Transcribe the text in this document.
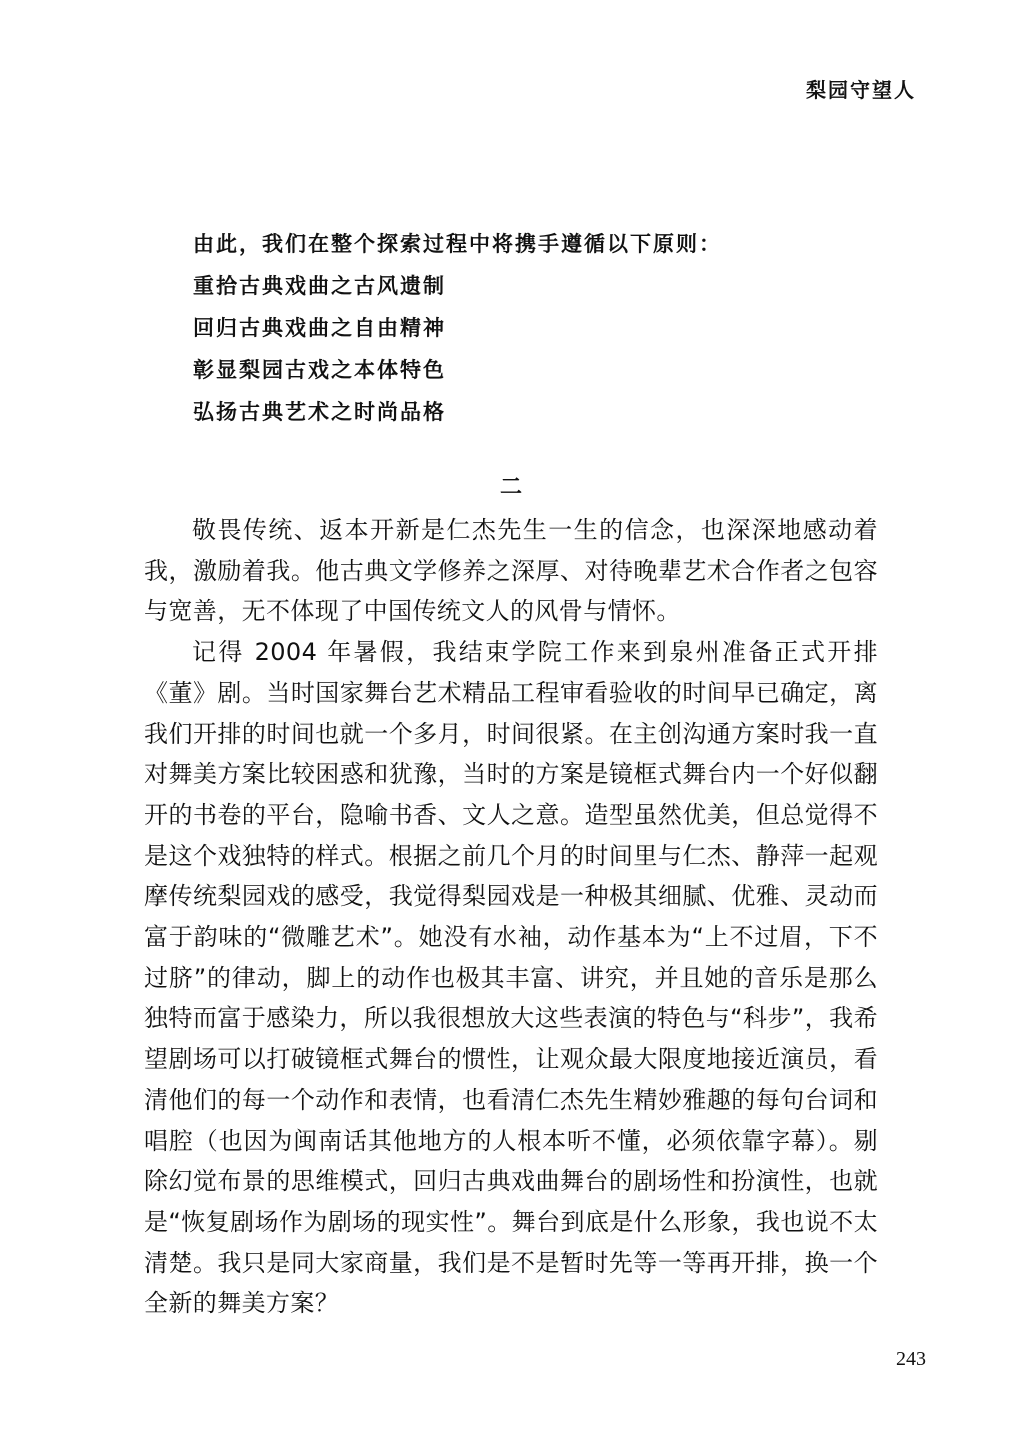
梨园守望人
由此，我们在整个探索过程中将携手遵循以下原则：
重拾古典戏曲之古风遗制
回归古典戏曲之自由精神
彰显梨园古戏之本体特色
弘扬古典艺术之时尚品格
二

敬畏传统、返本开新是仁杰先生一生的信念，也深深地感动着我，激励着我。他古典文学修养之深厚、对待晚辈艺术合作者之包容与宽善，无不体现了中国传统文人的风骨与情怀。

记得 2004 年暑假，我结束学院工作来到泉州准备正式开排《董》剧。当时国家舞台艺术精品工程审看验收的时间早已确定，离我们开排的时间也就一个多月，时间很紧。在主创沟通方案时我一直对舞美方案比较困惑和犹豫，当时的方案是镜框式舞台内一个好似翻开的书卷的平台，隐喻书香、文人之意。造型虽然优美，但总觉得不是这个戏独特的样式。根据之前几个月的时间里与仁杰、静萍一起观摩传统梨园戏的感受，我觉得梨园戏是一种极其细腻、优雅、灵动而富于韵味的“微雕艺术”。她没有水袖，动作基本为“上不过眉，下不过脐”的律动，脚上的动作也极其丰富、讲究，并且她的音乐是那么独特而富于感染力，所以我很想放大这些表演的特色与“科步”，我希望剧场可以打破镜框式舞台的惯性，让观众最大限度地接近演员，看清他们的每一个动作和表情，也看清仁杰先生精妙雅趣的每句台词和唱腔（也因为闽南话其他地方的人根本听不懂，必须依靠字幕）。剔除幻觉布景的思维模式，回归古典戏曲舞台的剧场性和扮演性，也就是“恢复剧场作为剧场的现实性”。舞台到底是什么形象，我也说不太清楚。我只是同大家商量，我们是不是暂时先等一等再开排，换一个全新的舞美方案？

243
